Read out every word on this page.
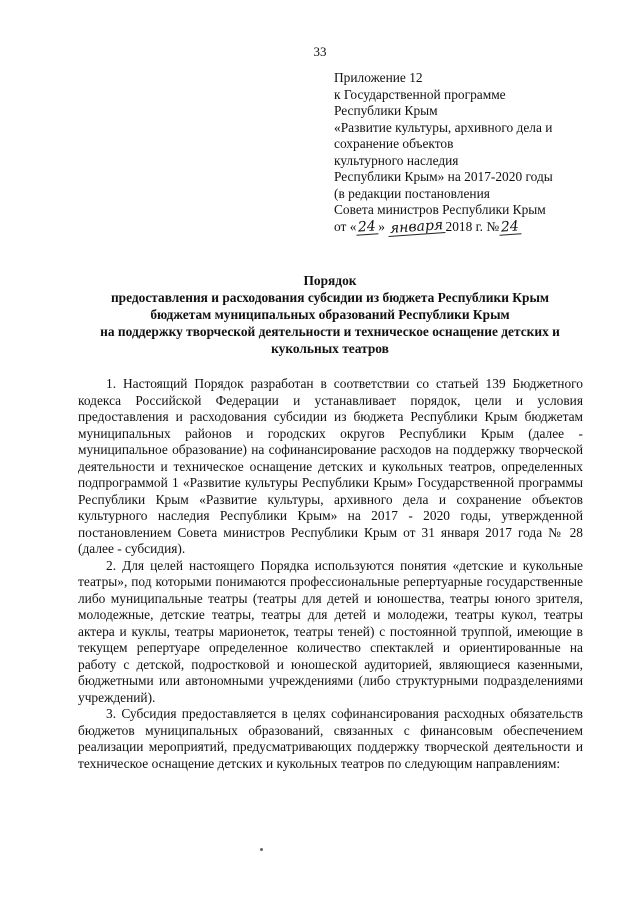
33
Приложение 12
к Государственной программе
Республики Крым
«Развитие культуры, архивного дела и
сохранение объектов
культурного наследия
Республики Крым» на 2017-2020 годы
(в редакции постановления
Совета министров Республики Крым
от «24» января 2018 г. №24
Порядок
предоставления и расходования субсидии из бюджета Республики Крым
бюджетам муниципальных образований Республики Крым
на поддержку творческой деятельности и техническое оснащение детских и
кукольных театров

1. Настоящий Порядок разработан в соответствии со статьей 139 Бюджетного кодекса Российской Федерации и устанавливает порядок, цели и условия предоставления и расходования субсидии из бюджета Республики Крым бюджетам муниципальных районов и городских округов Республики Крым (далее - муниципальное образование) на софинансирование расходов на поддержку творческой деятельности и техническое оснащение детских и кукольных театров, определенных подпрограммой 1 «Развитие культуры Республики Крым» Государственной программы Республики Крым «Развитие культуры, архивного дела и сохранение объектов культурного наследия Республики Крым» на 2017 - 2020 годы, утвержденной постановлением Совета министров Республики Крым от 31 января 2017 года № 28 (далее - субсидия).

2. Для целей настоящего Порядка используются понятия «детские и кукольные театры», под которыми понимаются профессиональные репертуарные государственные либо муниципальные театры (театры для детей и юношества, театры юного зрителя, молодежные, детские театры, театры для детей и молодежи, театры кукол, театры актера и куклы, театры марионеток, театры теней) с постоянной труппой, имеющие в текущем репертуаре определенное количество спектаклей и ориентированные на работу с детской, подростковой и юношеской аудиторией, являющиеся казенными, бюджетными или автономными учреждениями (либо структурными подразделениями учреждений).

3. Субсидия предоставляется в целях софинансирования расходных обязательств бюджетов муниципальных образований, связанных с финансовым обеспечением реализации мероприятий, предусматривающих поддержку творческой деятельности и техническое оснащение детских и кукольных театров по следующим направлениям:
